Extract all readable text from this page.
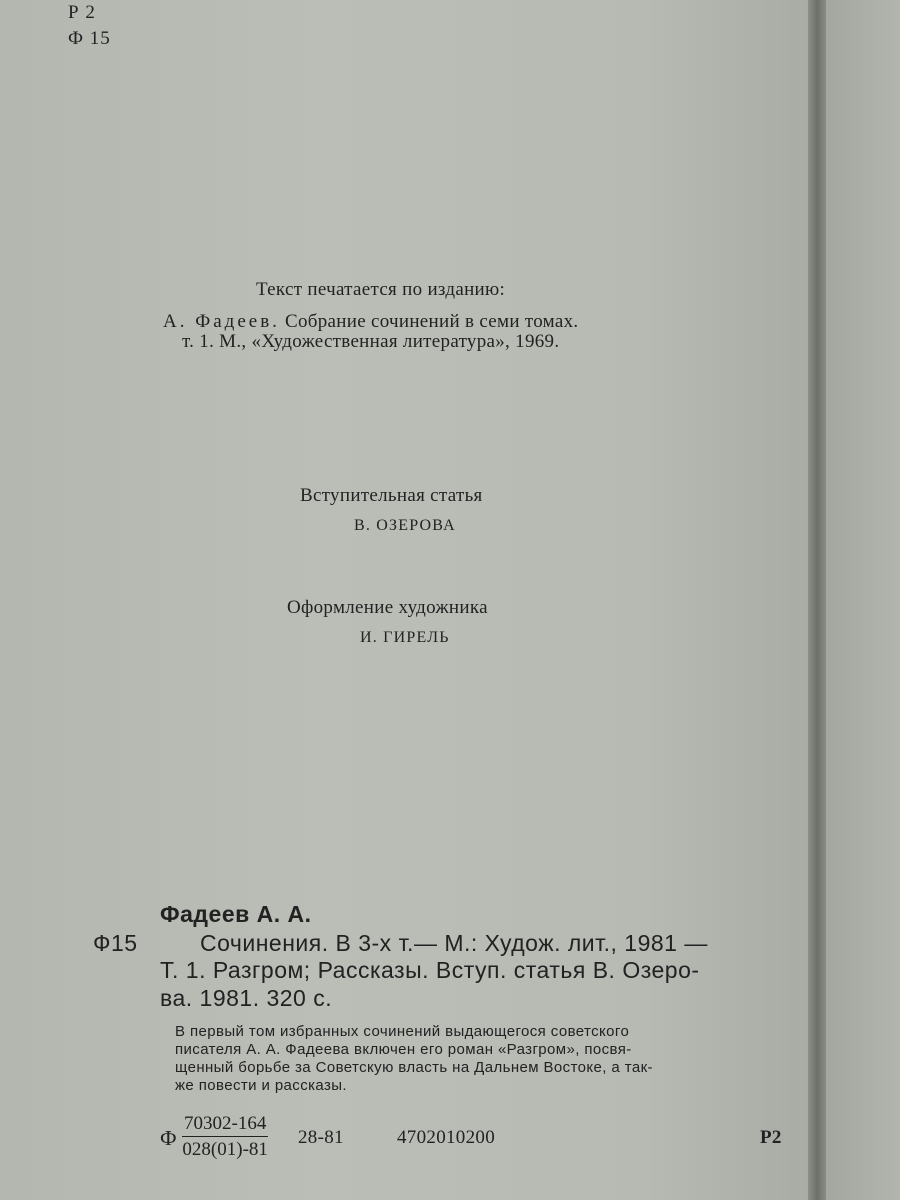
Р 2

Ф 15

Текст печатается по изданию:

А. Фадеев. Собрание сочинений в семи томах.

т. 1. М., «Художественная литература», 1969.

Вступительная статья

В. ОЗЕРОВА

Оформление художника

И. ГИРЕЛЬ

Фадеев А. А.

Ф15	Сочинения. В 3-х т.— М.: Худож. лит., 1981 —

Т. 1. Разгром; Рассказы. Вступ. статья В. Озеро-

ва. 1981. 320 с.

В первый том избранных сочинений выдающегося советского

писателя А. А. Фадеева включен его роман «Разгром», посвя-

щенный борьбе за Советскую власть на Дальнем Востоке, а так-

же повести и рассказы.

Ф $\frac{70302-164}{028(01)-81} 28-81$	4702010200	Р2
